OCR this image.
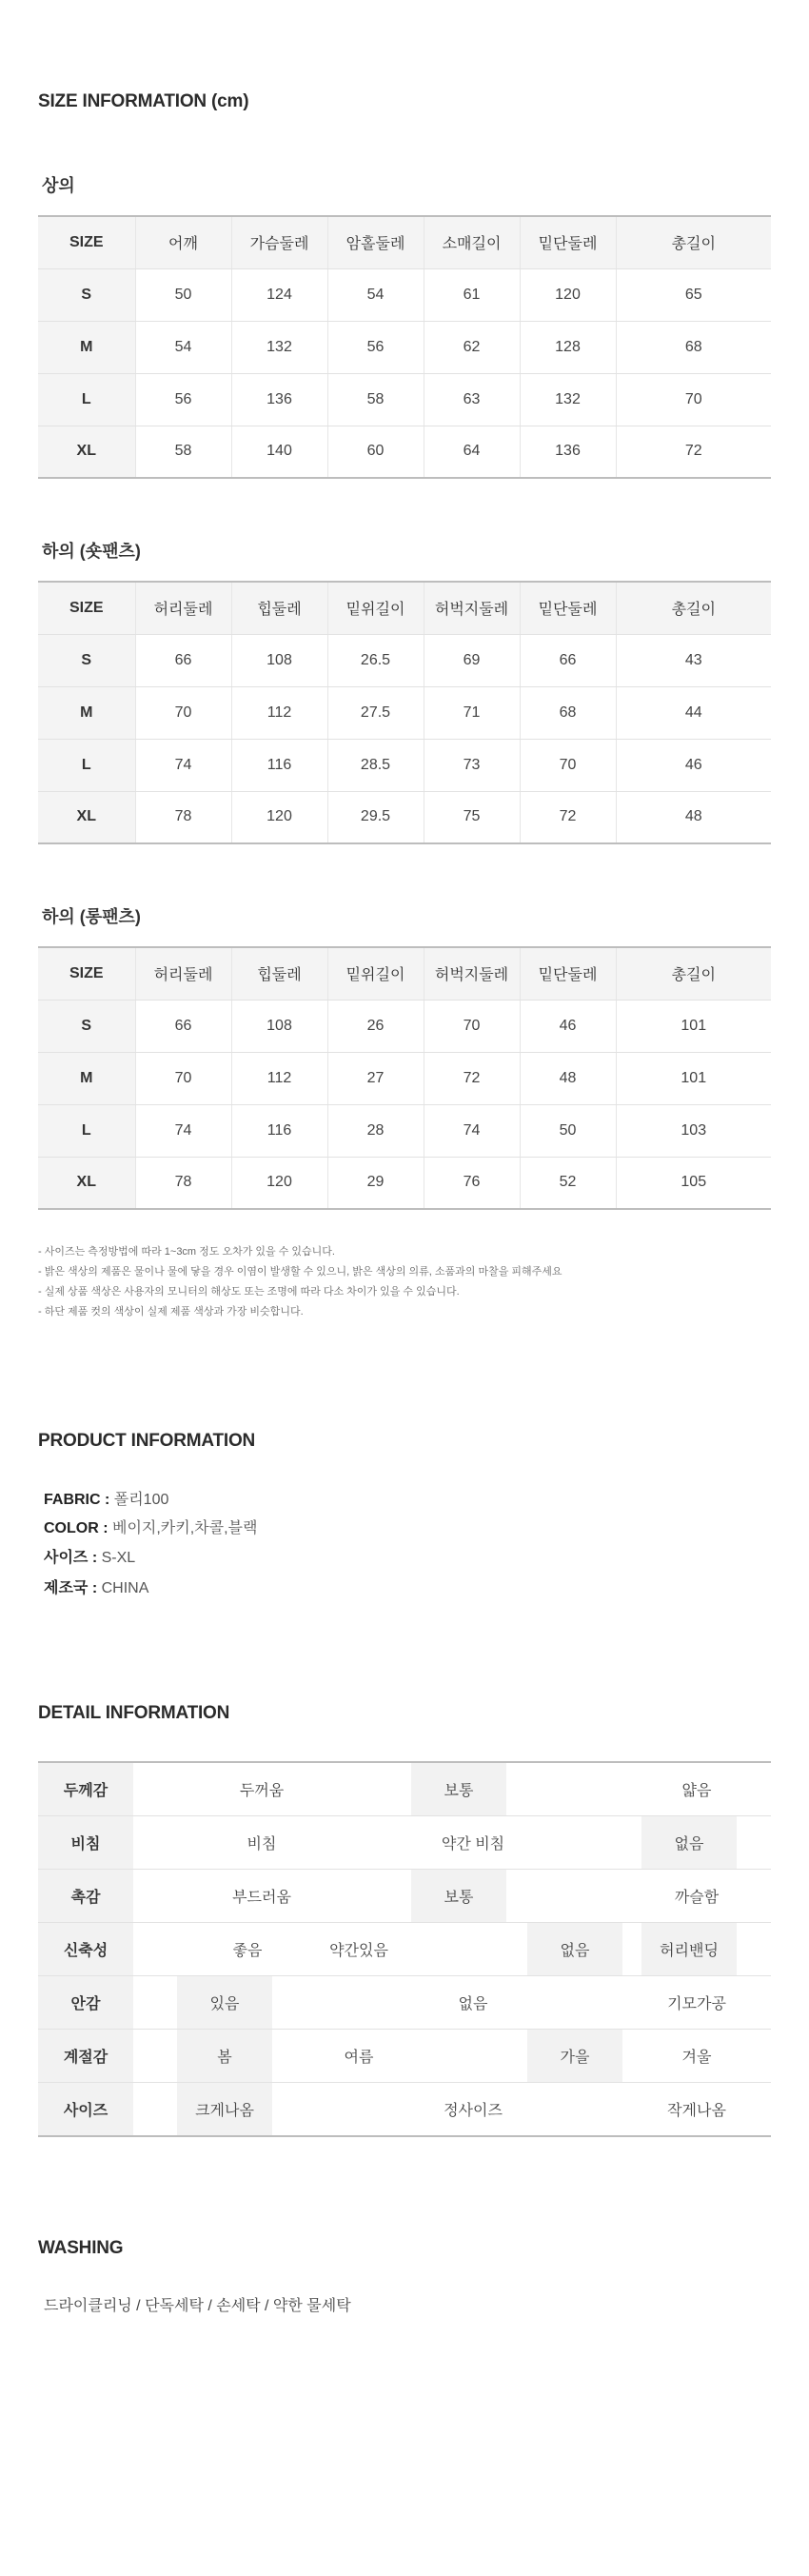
SIZE INFORMATION (cm)
상의
SIZE	어깨	가슴둘레	암홀둘레	소매길이	밑단둘레	총길이
S	50	124	54	61	120	65
M	54	132	56	62	128	68
L	56	136	58	63	132	70
XL	58	140	60	64	136	72
하의 (숏팬츠)
SIZE	허리둘레	힙둘레	밑위길이	허벅지둘레	밑단둘레	총길이
S	66	108	26.5	69	66	43
M	70	112	27.5	71	68	44
L	74	116	28.5	73	70	46
XL	78	120	29.5	75	72	48
하의 (롱팬츠)
SIZE	허리둘레	힙둘레	밑위길이	허벅지둘레	밑단둘레	총길이
S	66	108	26	70	46	101
M	70	112	27	72	48	101
L	74	116	28	74	50	103
XL	78	120	29	76	52	105
- 사이즈는 측정방법에 따라 1~3cm 정도 오차가 있을 수 있습니다.
- 밝은 색상의 제품은 물이나 물에 닿을 경우 이염이 발생할 수 있으니, 밝은 색상의 의류, 소품과의 마찰을 피해주세요
- 실제 상품 색상은 사용자의 모니터의 해상도 또는 조명에 따라 다소 차이가 있을 수 있습니다.
- 하단 제품 컷의 색상이 실제 제품 색상과 가장 비슷합니다.
PRODUCT INFORMATION
FABRIC : 폴리100
COLOR : 베이지,카키,차콜,블랙
사이즈 : S-XL
제조국 : CHINA
DETAIL INFORMATION
두께감	두꺼움	보통	얇음

비침	비침	약간 비침	없음

촉감	부드러움	보통	까슬함

신축성	좋음	약간있음	없음	허리밴딩

안감	있음	없음	기모가공

계절감	봄	여름	가을	겨울

사이즈	크게나옴	정사이즈	작게나옴
WASHING
드라이클리닝 / 단독세탁 / 손세탁 / 약한 물세탁
